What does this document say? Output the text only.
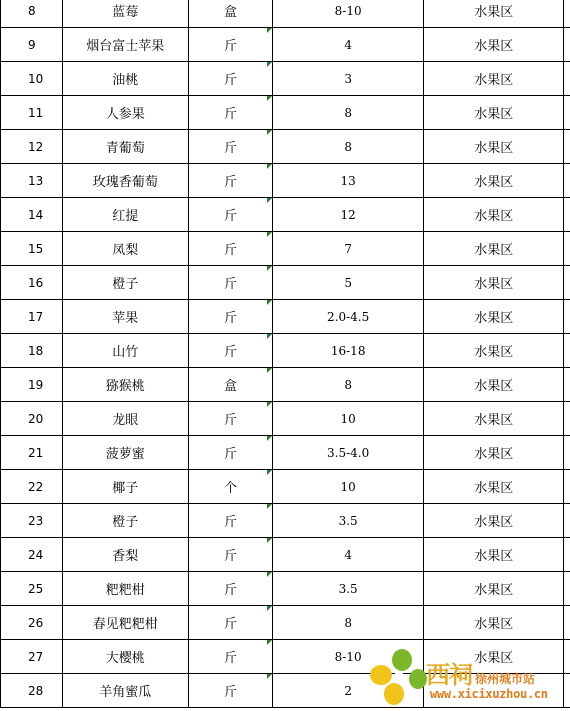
8	蓝莓	盒	8-10	水果区	
9	烟台富士苹果	斤	4	水果区	
10	油桃	斤	3	水果区	
11	人参果	斤	8	水果区	
12	青葡萄	斤	8	水果区	
13	玫瑰香葡萄	斤	13	水果区	
14	红提	斤	12	水果区	
15	凤梨	斤	7	水果区	
16	橙子	斤	5	水果区	
17	苹果	斤	2.0-4.5	水果区	
18	山竹	斤	16-18	水果区	
19	猕猴桃	盒	8	水果区	
20	龙眼	斤	10	水果区	
21	菠萝蜜	斤	3.5-4.0	水果区	
22	椰子	个	10	水果区	
23	橙子	斤	3.5	水果区	
24	香梨	斤	4	水果区	
25	粑粑柑	斤	3.5	水果区	
26	春见粑粑柑	斤	8	水果区	
27	大樱桃	斤	8-10	水果区	
28	羊角蜜瓜	斤	2		
西祠 徐州城市站
www.xicixuzhou.cn
